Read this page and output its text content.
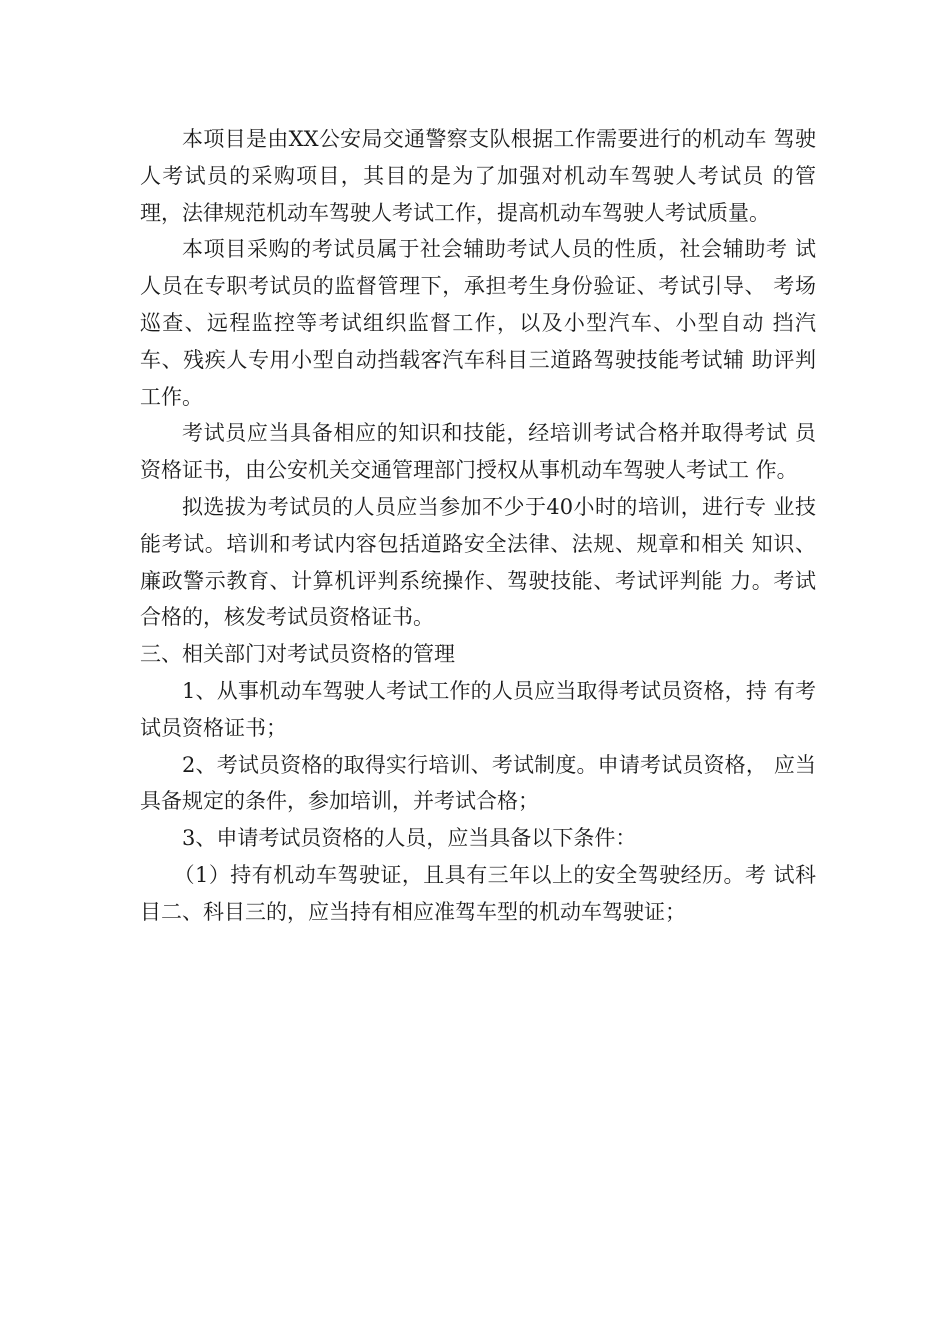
本项目是由XX公安局交通警察支队根据工作需要进行的机动车 驾驶人考试员的采购项目，其目的是为了加强对机动车驾驶人考试员 的管理，法律规范机动车驾驶人考试工作，提高机动车驾驶人考试质量。

本项目采购的考试员属于社会辅助考试人员的性质，社会辅助考 试人员在专职考试员的监督管理下，承担考生身份验证、考试引导、 考场巡查、远程监控等考试组织监督工作，以及小型汽车、小型自动 挡汽车、残疾人专用小型自动挡载客汽车科目三道路驾驶技能考试辅 助评判工作。

考试员应当具备相应的知识和技能，经培训考试合格并取得考试 员资格证书，由公安机关交通管理部门授权从事机动车驾驶人考试工 作。

拟选拔为考试员的人员应当参加不少于40小时的培训，进行专 业技能考试。培训和考试内容包括道路安全法律、法规、规章和相关 知识、廉政警示教育、计算机评判系统操作、驾驶技能、考试评判能 力。考试合格的，核发考试员资格证书。

三、相关部门对考试员资格的管理

1、从事机动车驾驶人考试工作的人员应当取得考试员资格，持 有考试员资格证书；

2、考试员资格的取得实行培训、考试制度。申请考试员资格， 应当具备规定的条件，参加培训，并考试合格；

3、申请考试员资格的人员，应当具备以下条件：

（1）持有机动车驾驶证，且具有三年以上的安全驾驶经历。考 试科目二、科目三的，应当持有相应准驾车型的机动车驾驶证；
